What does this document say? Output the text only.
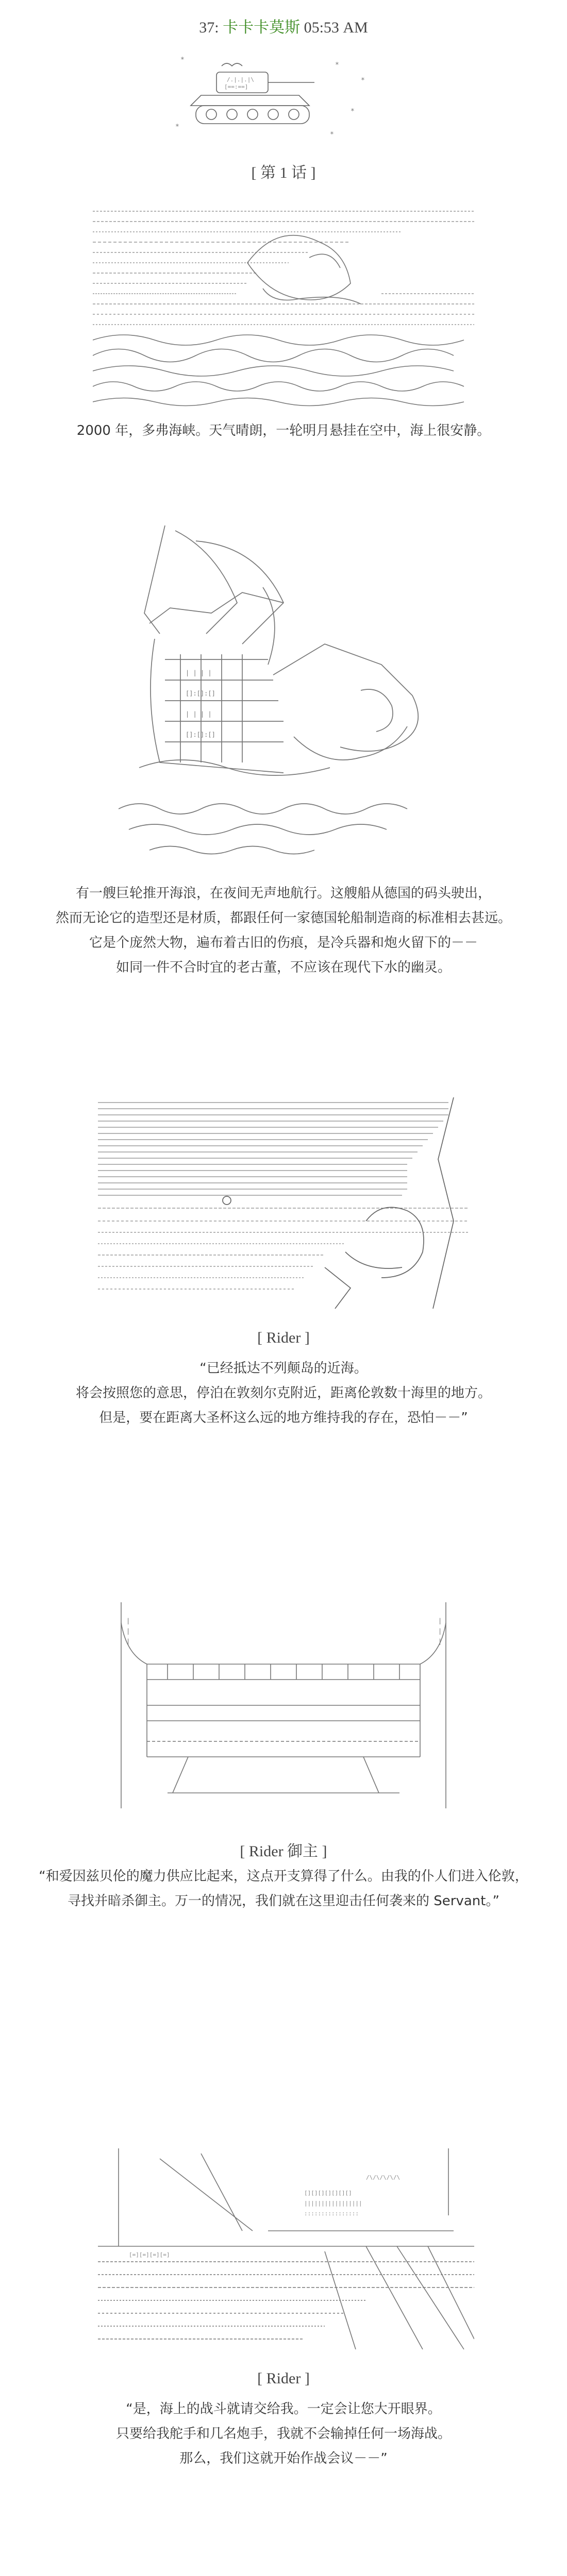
37: 卡卡卡莫斯 05:53 AM
*
*
*
*
*
*
/.|.|.|\
[==:==]
[ 第 1 话 ]

2000 年，多弗海峡。天气晴朗，一轮明月悬挂在空中，海上很安静。

| | | |
[]:[]:[]
| | | |
[]:[]:[]

有一艘巨轮推开海浪，在夜间无声地航行。这艘船从德国的码头驶出，

然而无论它的造型还是材质，都跟任何一家德国轮船制造商的标准相去甚远。

它是个庞然大物，遍布着古旧的伤痕，是冷兵器和炮火留下的－－

如同一件不合时宜的老古董，不应该在现代下水的幽灵。

[ Rider ]

“已经抵达不列颠岛的近海。

将会按照您的意思，停泊在敦刻尔克附近，距离伦敦数十海里的地方。

但是，要在距离大圣杯这么远的地方维持我的存在，恐怕－－”

|
|
|
|
|
|
[ Rider 御主 ]

“和爱因兹贝伦的魔力供应比起来，这点开支算得了什么。由我的仆人们进入伦敦，

寻找并暗杀御主。万一的情况，我们就在这里迎击任何袭来的 Servant。”

[][][][][][][]
|||||||||||||||||
::::::::::::::::
/\/\/\/\/\
[=][=][=][=]
[ Rider ]

“是，海上的战斗就请交给我。一定会让您大开眼界。

只要给我舵手和几名炮手，我就不会输掉任何一场海战。

那么，我们这就开始作战会议－－”
